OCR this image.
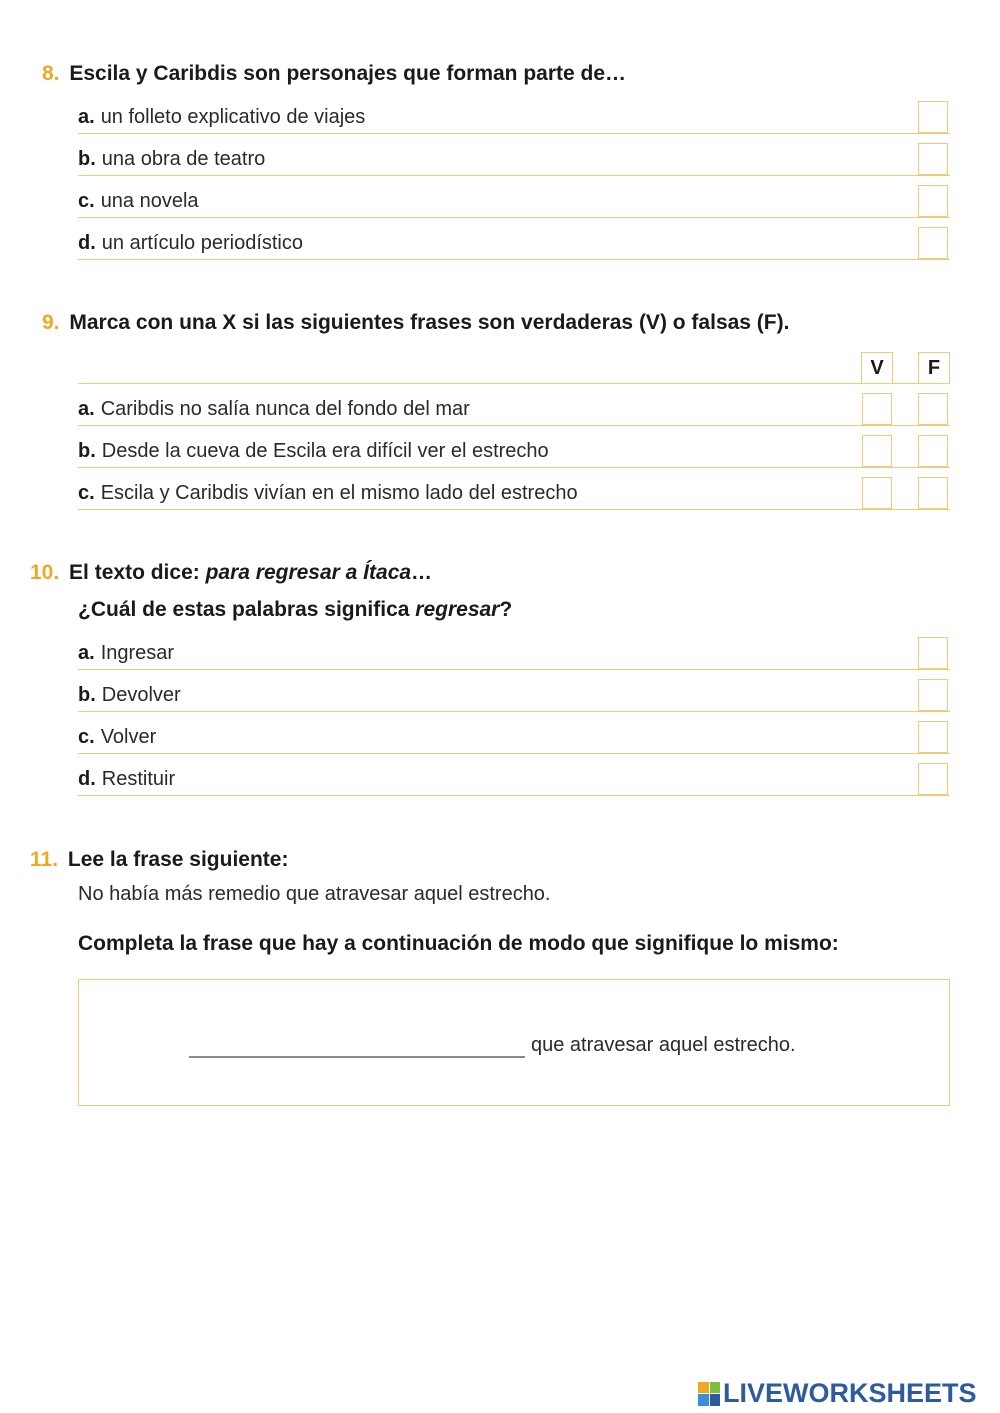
8. Escila y Caribdis son personajes que forman parte de…
a. un folleto explicativo de viajes
b. una obra de teatro
c. una novela
d. un artículo periodístico
9. Marca con una X si las siguientes frases son verdaderas (V) o falsas (F).
V	F
a. Caribdis no salía nunca del fondo del mar
b. Desde la cueva de Escila era difícil ver el estrecho
c. Escila y Caribdis vivían en el mismo lado del estrecho
10. El texto dice: para regresar a Ítaca…
¿Cuál de estas palabras significa regresar?
a. Ingresar
b. Devolver
c. Volver
d. Restituir
11. Lee la frase siguiente:
No había más remedio que atravesar aquel estrecho.
Completa la frase que hay a continuación de modo que signifique lo mismo:
que atravesar aquel estrecho.
LIVEWORKSHEETS
